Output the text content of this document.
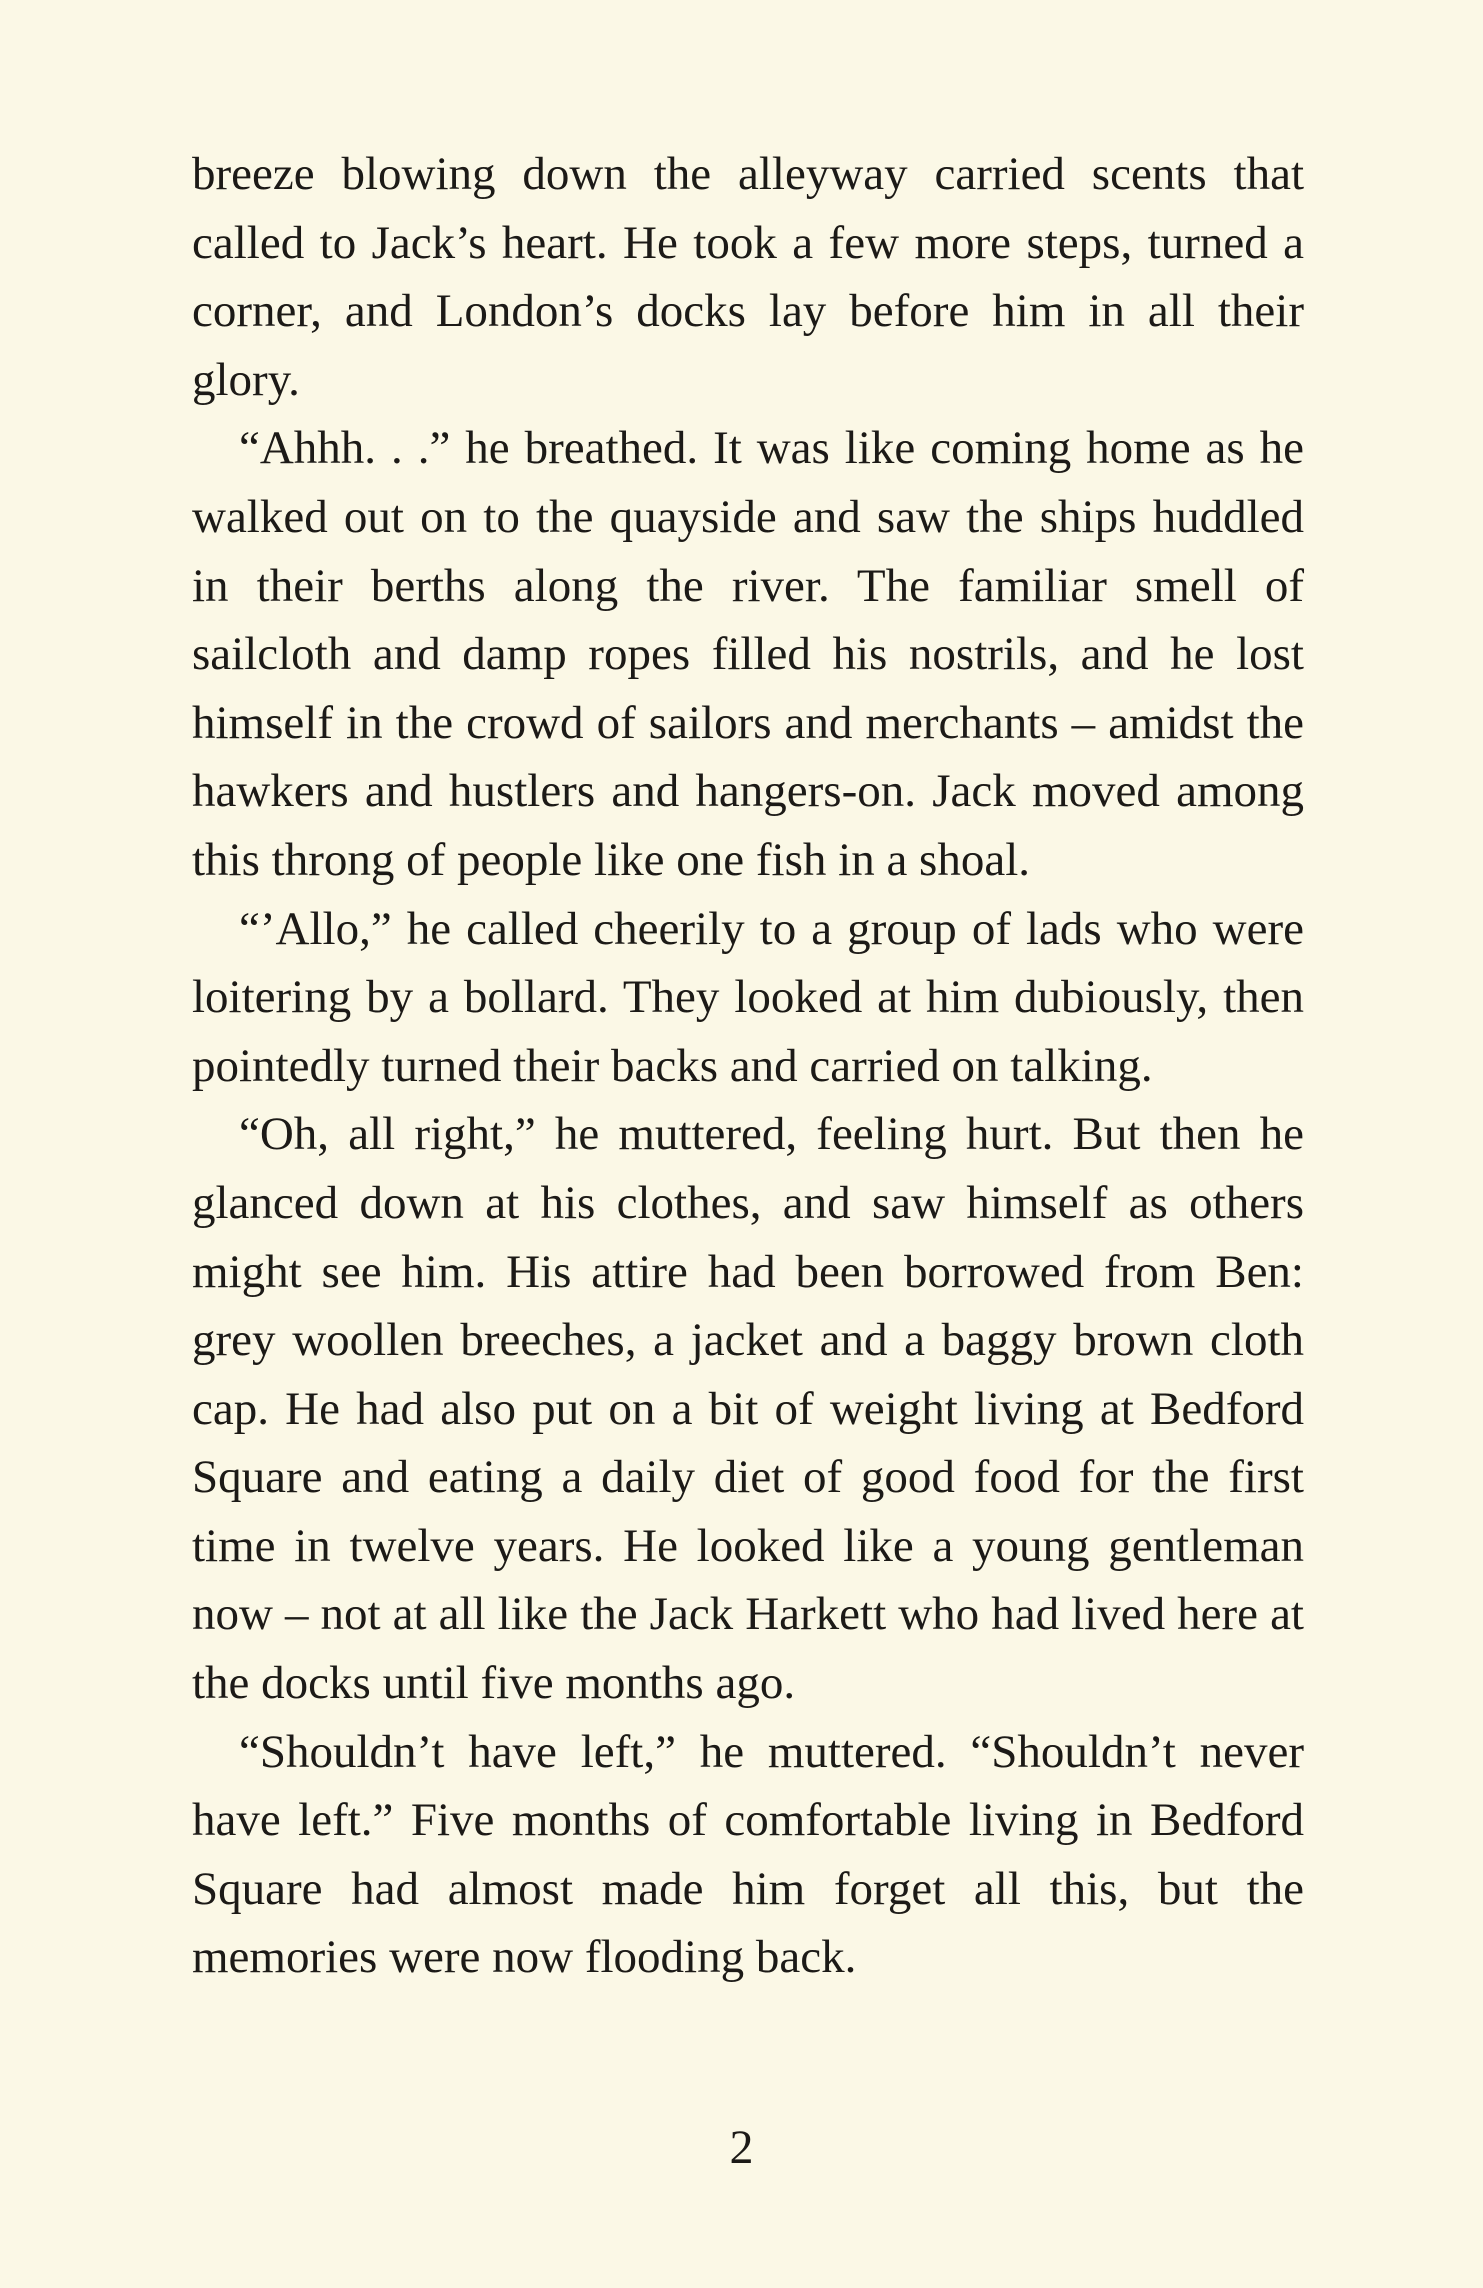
breeze blowing down the alleyway carried scents that called to Jack’s heart. He took a few more steps, turned a corner, and London’s docks lay before him in all their glory.

“Ahhh. . .” he breathed. It was like coming home as he walked out on to the quayside and saw the ships huddled in their berths along the river. The familiar smell of sailcloth and damp ropes filled his nostrils, and he lost himself in the crowd of sailors and merchants – amidst the hawkers and hustlers and hangers-on. Jack moved among this throng of people like one fish in a shoal.

“’Allo,” he called cheerily to a group of lads who were loitering by a bollard. They looked at him dubiously, then pointedly turned their backs and carried on talking.

“Oh, all right,” he muttered, feeling hurt. But then he glanced down at his clothes, and saw himself as others might see him. His attire had been borrowed from Ben: grey woollen breeches, a jacket and a baggy brown cloth cap. He had also put on a bit of weight living at Bedford Square and eating a daily diet of good food for the first time in twelve years. He looked like a young gentleman now – not at all like the Jack Harkett who had lived here at the docks until five months ago.

“Shouldn’t have left,” he muttered. “Shouldn’t never have left.” Five months of comfortable living in Bedford Square had almost made him forget all this, but the memories were now flooding back.

2
